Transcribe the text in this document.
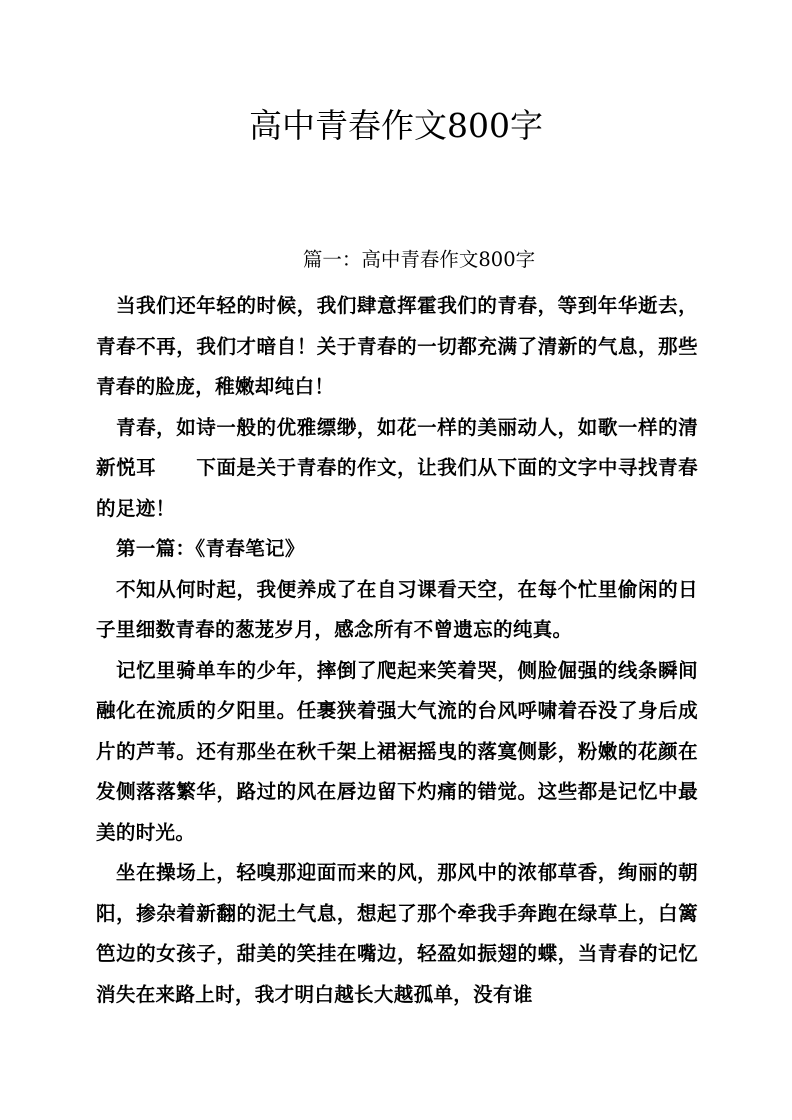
高中青春作文800字
篇一：高中青春作文800字

当我们还年轻的时候，我们肆意挥霍我们的青春，等到年华逝去，青春不再，我们才暗自！关于青春的一切都充满了清新的气息，那些青春的脸庞，稚嫩却纯白！

青春，如诗一般的优雅缥缈，如花一样的美丽动人，如歌一样的清新悦耳　　下面是关于青春的作文，让我们从下面的文字中寻找青春的足迹！

第一篇：《青春笔记》

不知从何时起，我便养成了在自习课看天空，在每个忙里偷闲的日子里细数青春的葱茏岁月，感念所有不曾遗忘的纯真。

记忆里骑单车的少年，摔倒了爬起来笑着哭，侧脸倔强的线条瞬间融化在流质的夕阳里。任裹狭着强大气流的台风呼啸着吞没了身后成片的芦苇。还有那坐在秋千架上裙裾摇曳的落寞侧影，粉嫩的花颜在发侧落落繁华，路过的风在唇边留下灼痛的错觉。这些都是记忆中最美的时光。

坐在操场上，轻嗅那迎面而来的风，那风中的浓郁草香，绚丽的朝阳，掺杂着新翻的泥土气息，想起了那个牵我手奔跑在绿草上，白篱笆边的女孩子，甜美的笑挂在嘴边，轻盈如振翅的蝶，当青春的记忆消失在来路上时，我才明白越长大越孤单，没有谁
